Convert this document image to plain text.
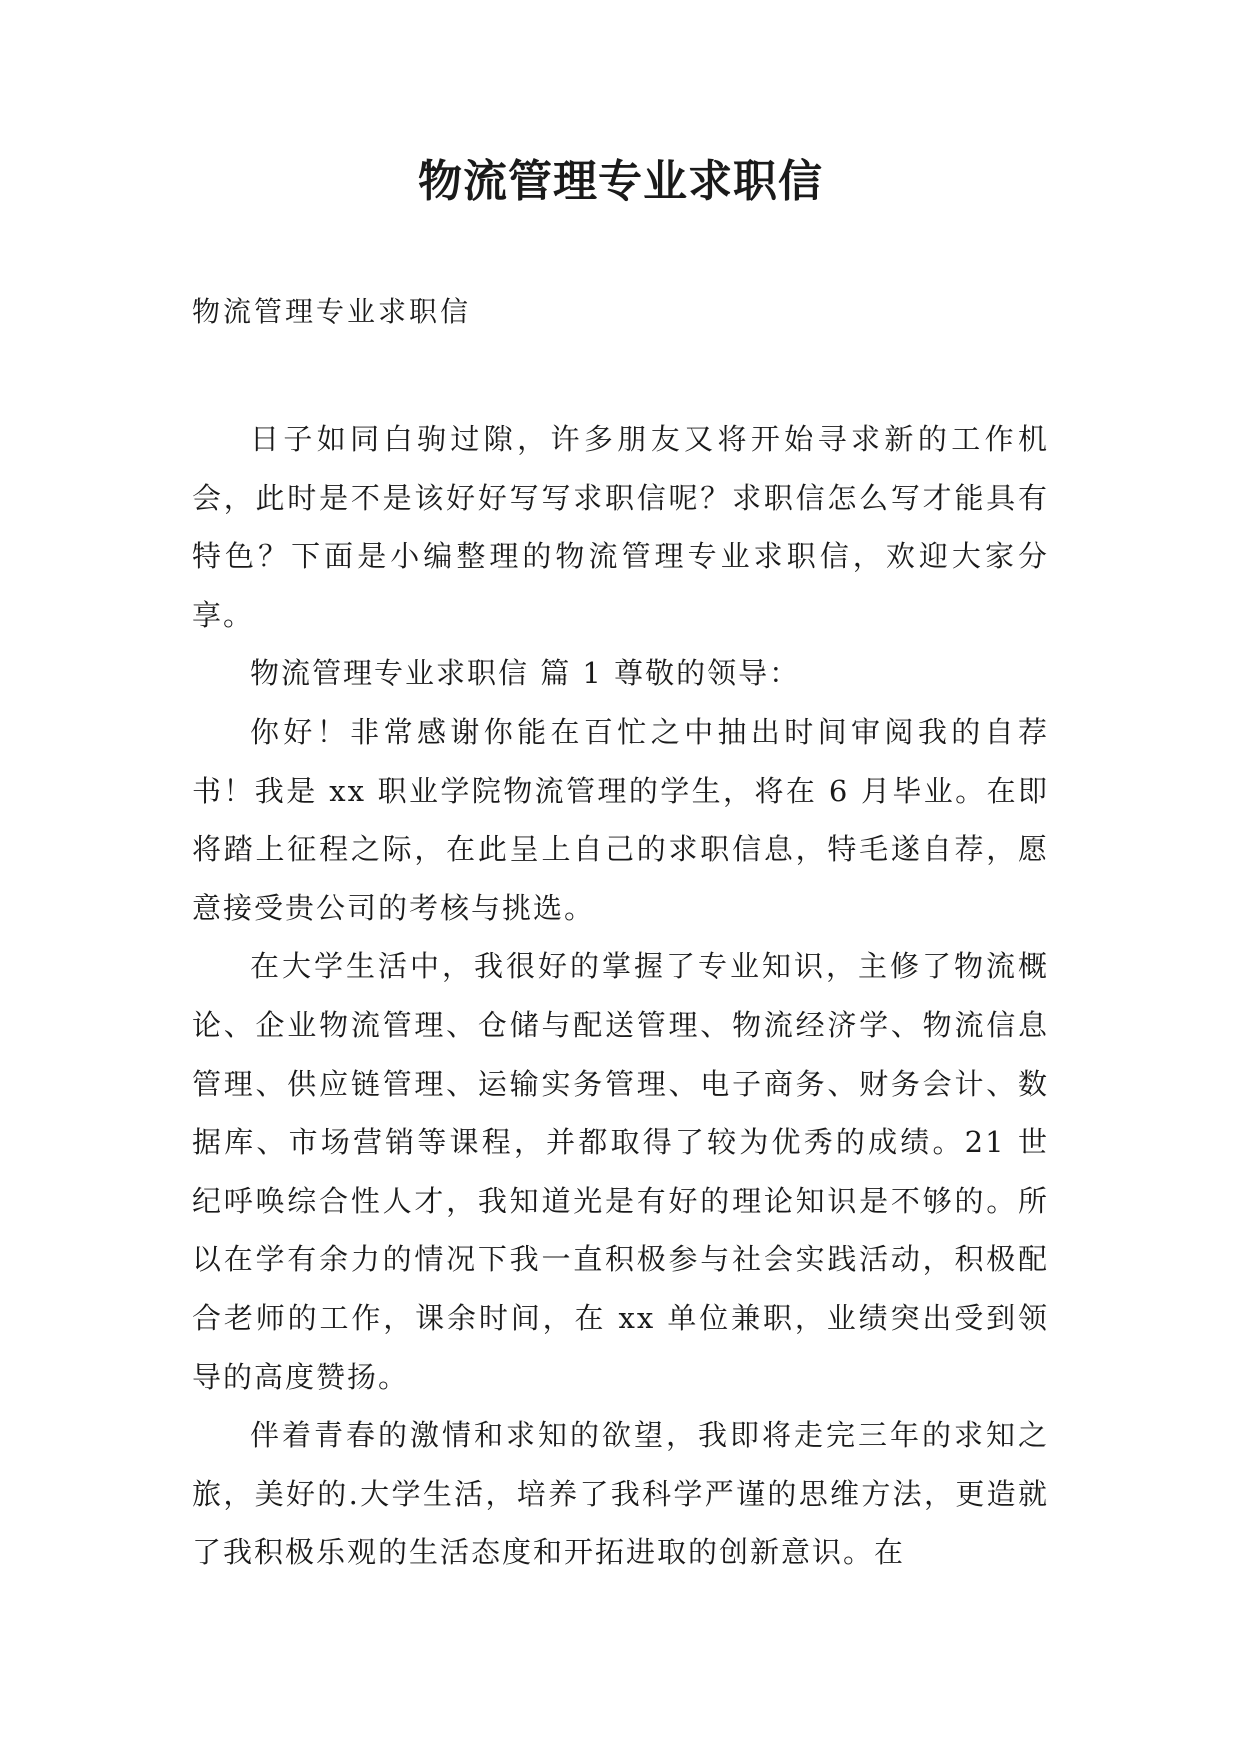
物流管理专业求职信

物流管理专业求职信

日子如同白驹过隙，许多朋友又将开始寻求新的工作机会，此时是不是该好好写写求职信呢？求职信怎么写才能具有特色？下面是小编整理的物流管理专业求职信，欢迎大家分享。

物流管理专业求职信 篇 1 尊敬的领导：

你好！非常感谢你能在百忙之中抽出时间审阅我的自荐书！我是 xx 职业学院物流管理的学生，将在 6 月毕业。在即将踏上征程之际，在此呈上自己的求职信息，特毛遂自荐，愿意接受贵公司的考核与挑选。

在大学生活中，我很好的掌握了专业知识，主修了物流概论、企业物流管理、仓储与配送管理、物流经济学、物流信息管理、供应链管理、运输实务管理、电子商务、财务会计、数据库、市场营销等课程，并都取得了较为优秀的成绩。21 世纪呼唤综合性人才，我知道光是有好的理论知识是不够的。所以在学有余力的情况下我一直积极参与社会实践活动，积极配合老师的工作，课余时间，在 xx 单位兼职，业绩突出受到领导的高度赞扬。

伴着青春的激情和求知的欲望，我即将走完三年的求知之旅，美好的.大学生活，培养了我科学严谨的思维方法，更造就了我积极乐观的生活态度和开拓进取的创新意识。在
